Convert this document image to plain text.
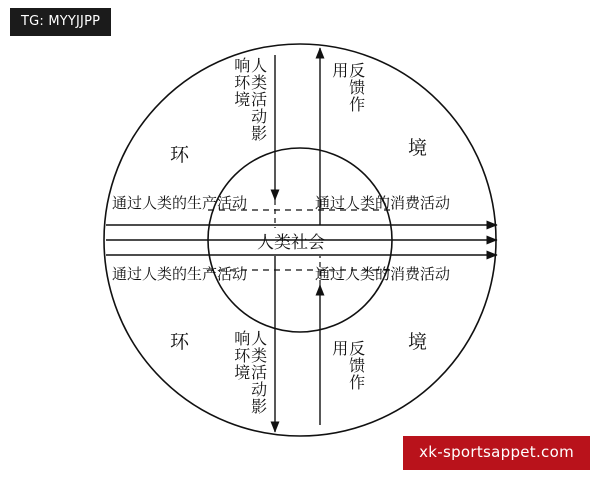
环	境
环	境
人类社会
通过人类的生产活动	通过人类的消费活动
通过人类的生产活动	通过人类的消费活动
人类活动影响环境	反馈作用
人类活动影响环境	反馈作用
TG: MYYJJPP
xk-sportsappet.com
